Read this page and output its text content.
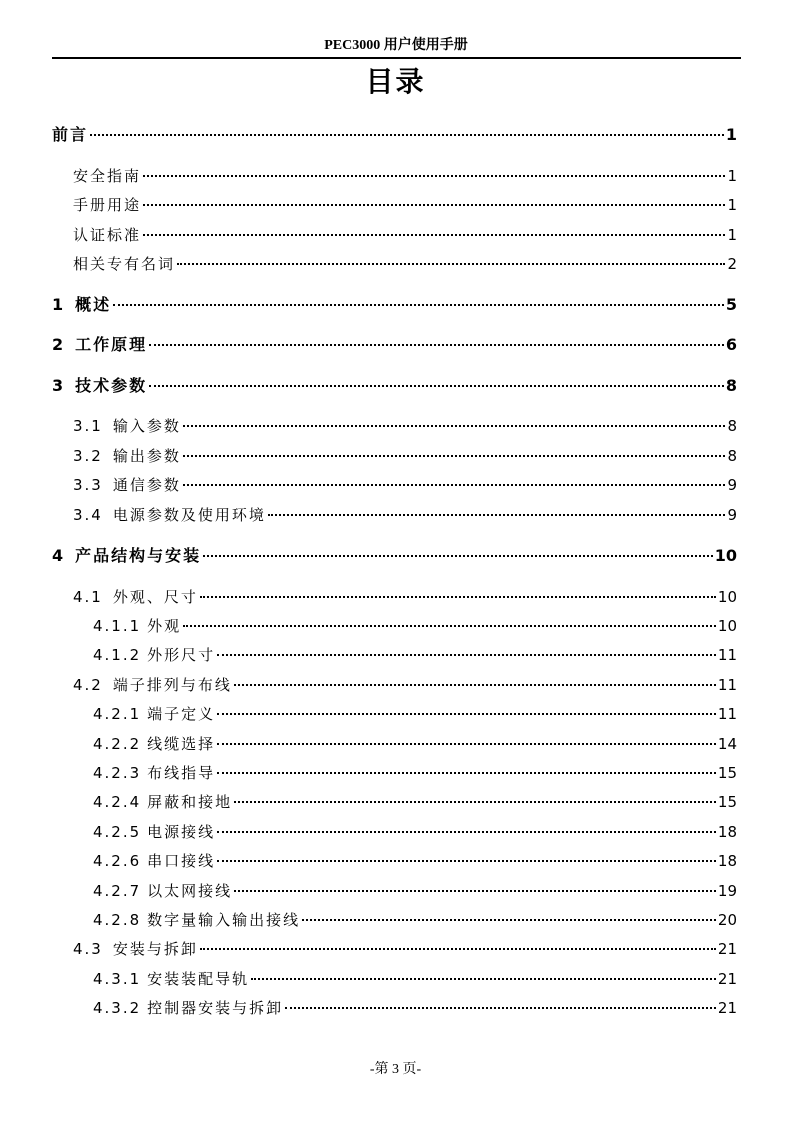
PEC3000 用户使用手册
目录
前言	1
安全指南	1
手册用途	1
认证标准	1
相关专有名词	2
1 概述	5
2 工作原理	6
3 技术参数	8
3.1 输入参数	8
3.2 输出参数	8
3.3 通信参数	9
3.4 电源参数及使用环境	9
4 产品结构与安装	10
4.1 外观、尺寸	10
4.1.1 外观	10
4.1.2 外形尺寸	11
4.2 端子排列与布线	11
4.2.1 端子定义	11
4.2.2 线缆选择	14
4.2.3 布线指导	15
4.2.4 屏蔽和接地	15
4.2.5 电源接线	18
4.2.6 串口接线	18
4.2.7 以太网接线	19
4.2.8 数字量输入输出接线	20
4.3 安装与拆卸	21
4.3.1 安装装配导轨	21
4.3.2 控制器安装与拆卸	21
-第 3 页-
